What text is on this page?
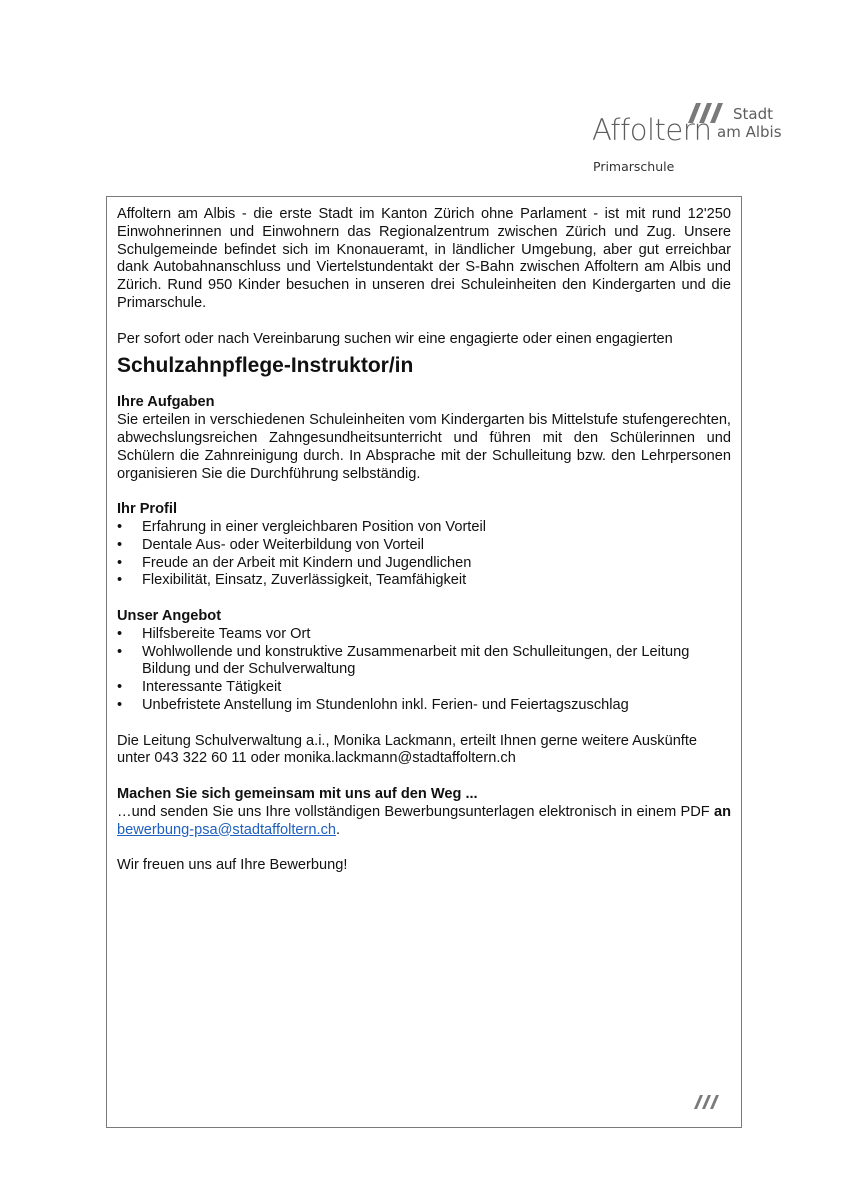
Affoltern Stadt
am Albis
Primarschule

Affoltern am Albis - die erste Stadt im Kanton Zürich ohne Parlament - ist mit rund 12'250 Einwohnerinnen und Einwohnern das Regionalzentrum zwischen Zürich und Zug. Unsere Schulgemeinde befindet sich im Knonaueramt, in ländlicher Umgebung, aber gut erreichbar dank Autobahnanschluss und Viertelstundentakt der S-Bahn zwischen Affoltern am Albis und Zürich. Rund 950 Kinder besuchen in unseren drei Schuleinheiten den Kindergarten und die Primarschule.

Per sofort oder nach Vereinbarung suchen wir eine engagierte oder einen engagierten

Schulzahnpflege-Instruktor/in

Ihre Aufgaben

Sie erteilen in verschiedenen Schuleinheiten vom Kindergarten bis Mittelstufe stufengerechten, abwechslungsreichen Zahngesundheitsunterricht und führen mit den Schülerinnen und Schülern die Zahnreinigung durch. In Absprache mit der Schulleitung bzw. den Lehrpersonen organisieren Sie die Durchführung selbständig.

Ihr Profil

• Erfahrung in einer vergleichbaren Position von Vorteil
• Dentale Aus- oder Weiterbildung von Vorteil
• Freude an der Arbeit mit Kindern und Jugendlichen
• Flexibilität, Einsatz, Zuverlässigkeit, Teamfähigkeit

Unser Angebot

• Hilfsbereite Teams vor Ort
• Wohlwollende und konstruktive Zusammenarbeit mit den Schulleitungen, der Leitung Bildung und der Schulverwaltung
• Interessante Tätigkeit
• Unbefristete Anstellung im Stundenlohn inkl. Ferien- und Feiertagszuschlag

Die Leitung Schulverwaltung a.i., Monika Lackmann, erteilt Ihnen gerne weitere Auskünfte unter 043 322 60 11 oder monika.lackmann@stadtaffoltern.ch

Machen Sie sich gemeinsam mit uns auf den Weg ...

…und senden Sie uns Ihre vollständigen Bewerbungsunterlagen elektronisch in einem PDF an bewerbung-psa@stadtaffoltern.ch.

Wir freuen uns auf Ihre Bewerbung!
